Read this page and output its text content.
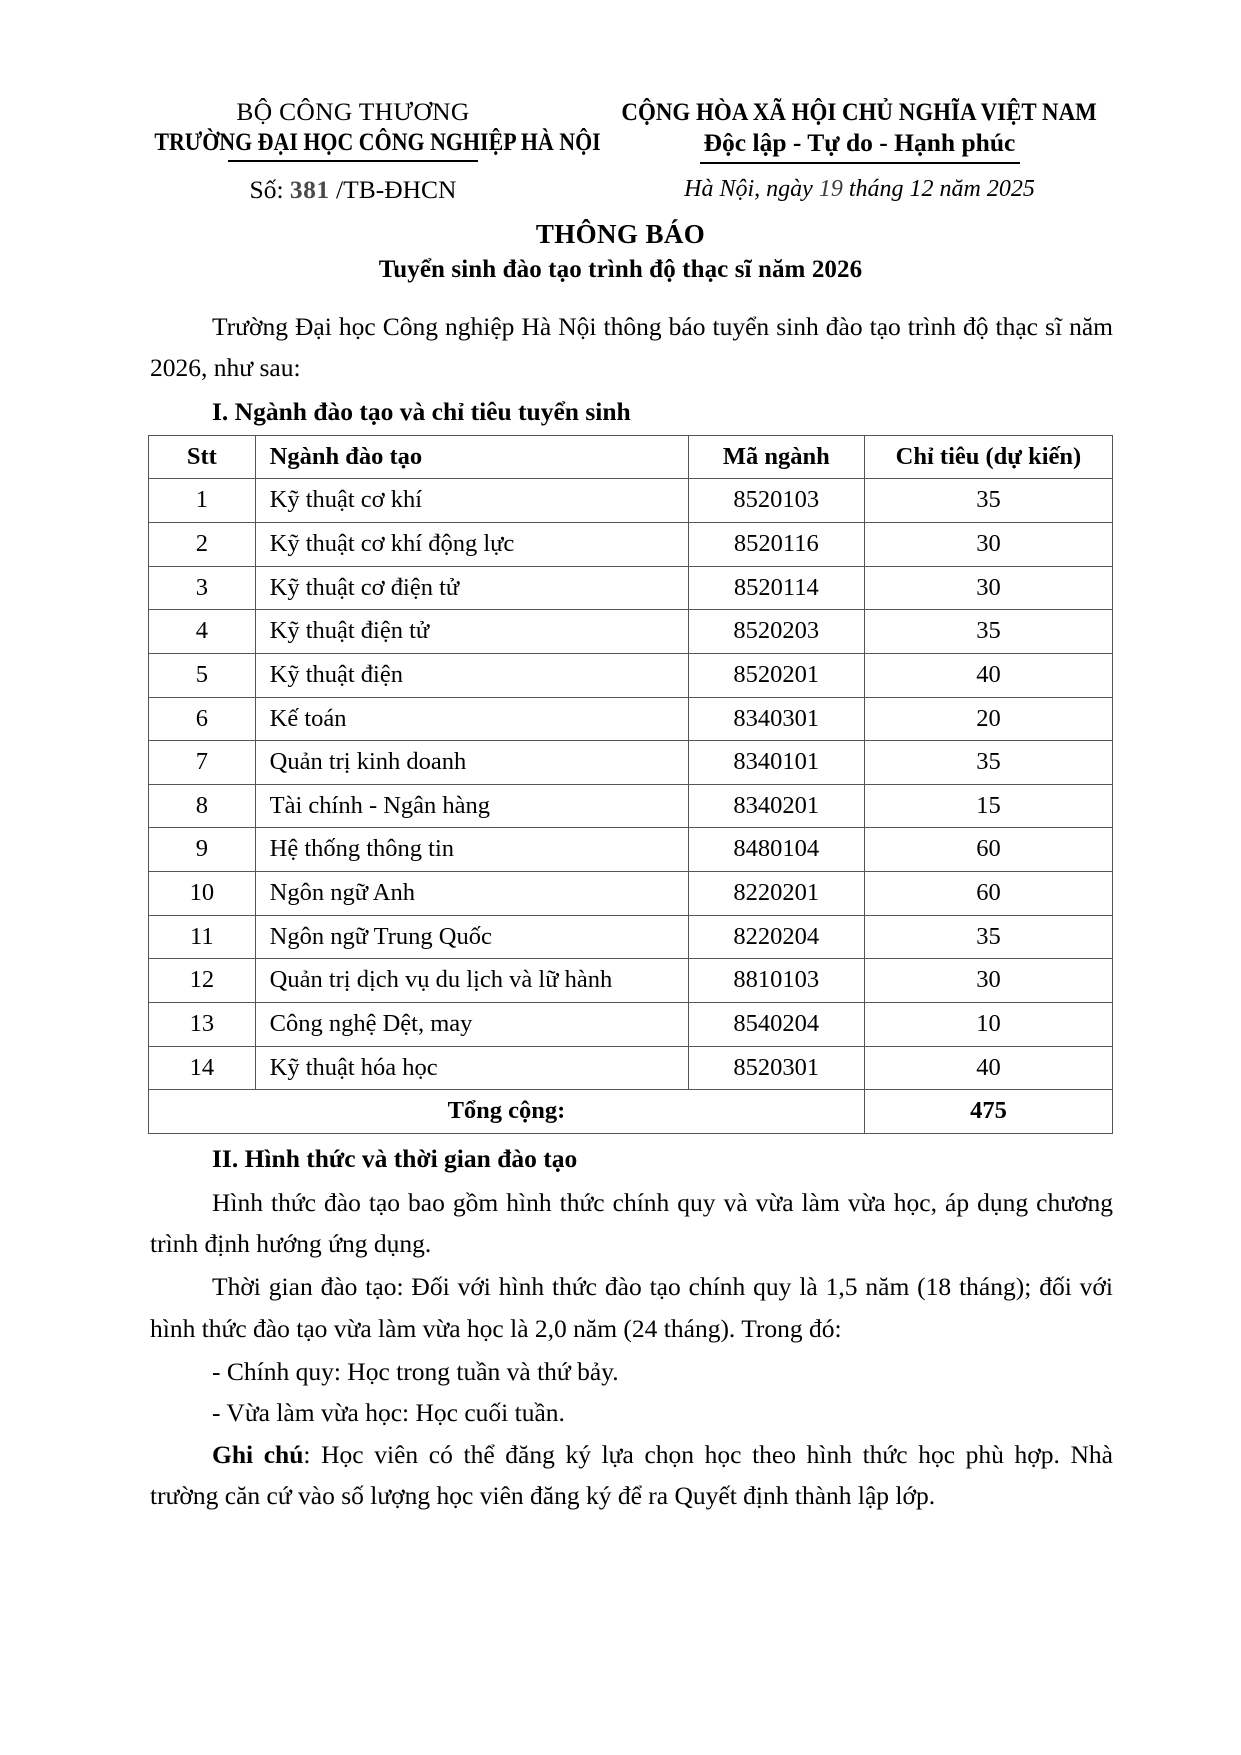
BỘ CÔNG THƯƠNG
TRƯỜNG ĐẠI HỌC CÔNG NGHIỆP HÀ NỘI
Số: 381 /TB-ĐHCN
CỘNG HÒA XÃ HỘI CHỦ NGHĨA VIỆT NAM
Độc lập - Tự do - Hạnh phúc
Hà Nội, ngày 19 tháng 12 năm 2025
THÔNG BÁO
Tuyển sinh đào tạo trình độ thạc sĩ năm 2026

Trường Đại học Công nghiệp Hà Nội thông báo tuyển sinh đào tạo trình độ thạc sĩ năm 2026, như sau:

I. Ngành đào tạo và chỉ tiêu tuyển sinh
Stt	Ngành đào tạo	Mã ngành	Chỉ tiêu (dự kiến)
1	Kỹ thuật cơ khí	8520103	35
2	Kỹ thuật cơ khí động lực	8520116	30
3	Kỹ thuật cơ điện tử	8520114	30
4	Kỹ thuật điện tử	8520203	35
5	Kỹ thuật điện	8520201	40
6	Kế toán	8340301	20
7	Quản trị kinh doanh	8340101	35
8	Tài chính - Ngân hàng	8340201	15
9	Hệ thống thông tin	8480104	60
10	Ngôn ngữ Anh	8220201	60
11	Ngôn ngữ Trung Quốc	8220204	35
12	Quản trị dịch vụ du lịch và lữ hành	8810103	30
13	Công nghệ Dệt, may	8540204	10
14	Kỹ thuật hóa học	8520301	40
Tổng cộng:			475
II. Hình thức và thời gian đào tạo

Hình thức đào tạo bao gồm hình thức chính quy và vừa làm vừa học, áp dụng chương trình định hướng ứng dụng.

Thời gian đào tạo: Đối với hình thức đào tạo chính quy là 1,5 năm (18 tháng); đối với hình thức đào tạo vừa làm vừa học là 2,0 năm (24 tháng). Trong đó:

- Chính quy: Học trong tuần và thứ bảy.

- Vừa làm vừa học: Học cuối tuần.

Ghi chú: Học viên có thể đăng ký lựa chọn học theo hình thức học phù hợp. Nhà trường căn cứ vào số lượng học viên đăng ký để ra Quyết định thành lập lớp.
